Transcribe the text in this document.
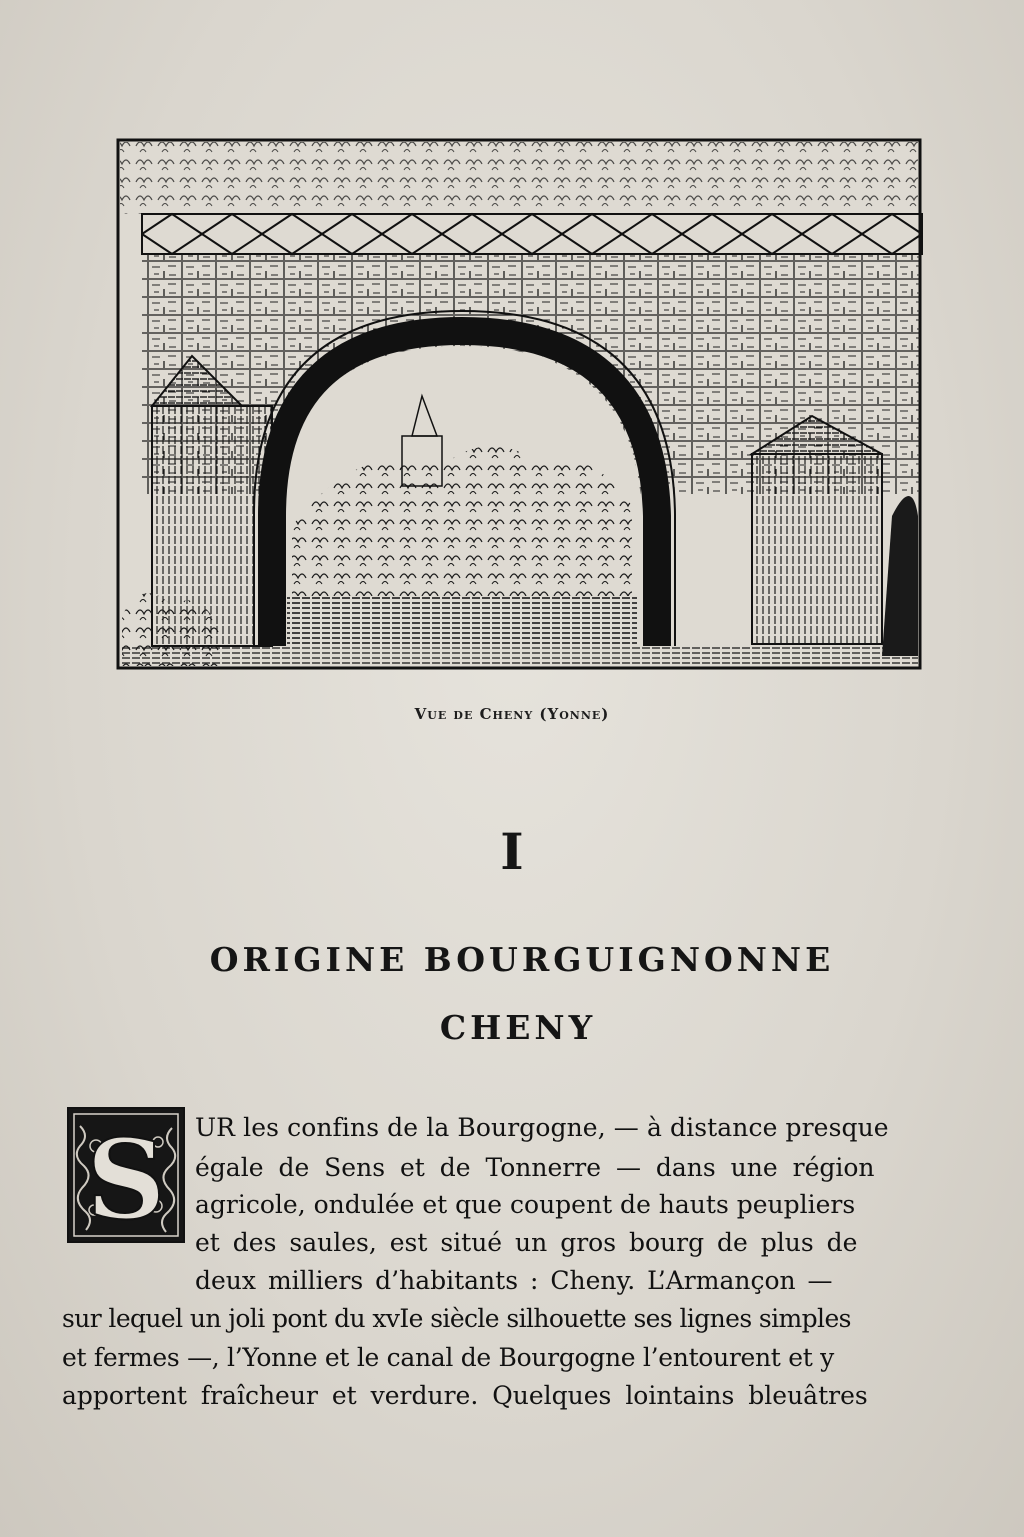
Vue de Cheny (Yonne)
I
ORIGINE BOURGUIGNONNE
CHENY
S UR les confins de la Bourgogne, — à distance presque
égale de Sens et de Tonnerre — dans une région
agricole, ondulée et que coupent de hauts peupliers
et des saules, est situé un gros bourg de plus de
deux milliers d’habitants : Cheny. L’Armançon —
sur lequel un joli pont du xvIe siècle silhouette ses lignes simples
et fermes —, l’Yonne et le canal de Bourgogne l’entourent et y
apportent fraîcheur et verdure. Quelques lointains bleuâtres
